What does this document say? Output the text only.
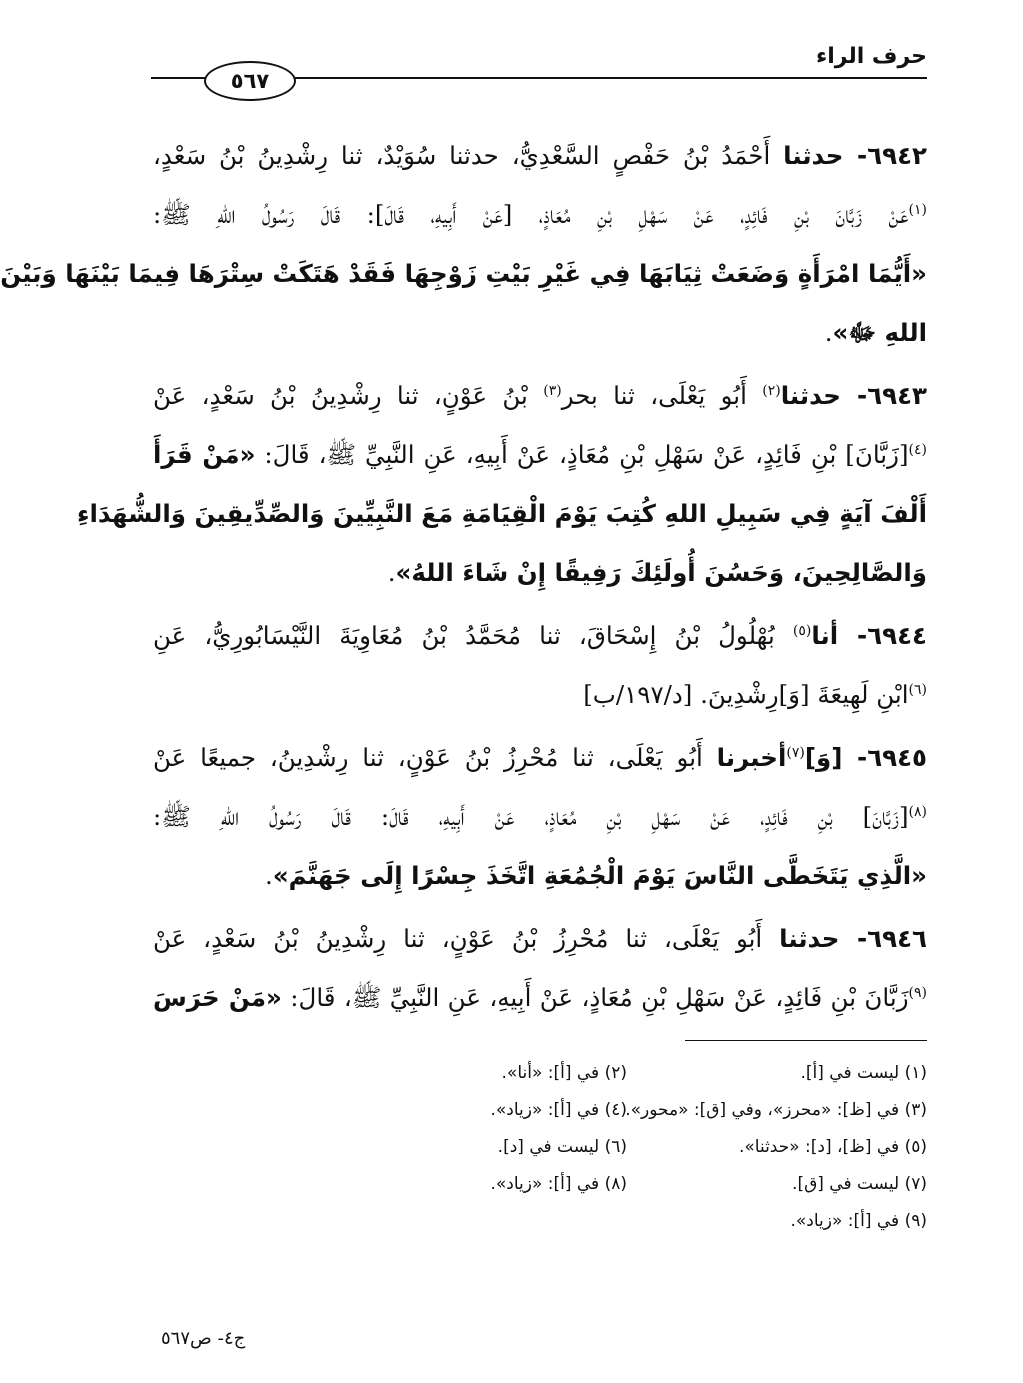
حرف الراء
٥٦٧
٦٩٤٢- حدثنا أَحْمَدُ بْنُ حَفْصٍ السَّعْدِيُّ، حدثنا سُوَيْدٌ، ثنا رِشْدِينُ بْنُ سَعْدٍ،
$^{(١)}$عَنْ زَبَّانَ بْنِ فَائِدٍ، عَنْ سَهْلِ بْنِ مُعَاذٍ، [عَنْ أَبِيهِ، قَالَ]: قَالَ رَسُولُ اللهِ ﷺ:
«أَيُّمَا امْرَأَةٍ وَضَعَتْ ثِيَابَهَا فِي غَيْرِ بَيْتِ زَوْجِهَا فَقَدْ هَتَكَتْ سِتْرَهَا فِيمَا بَيْنَهَا وَبَيْنَ
اللهِ ﷻ».
٦٩٤٣- حدثنا$^{(٢)}$ أَبُو يَعْلَى، ثنا بحر$^{(٣)}$ بْنُ عَوْنٍ، ثنا رِشْدِينُ بْنُ سَعْدٍ، عَنْ
$^{(٤)}$[زَبَّانَ] بْنِ فَائِدٍ، عَنْ سَهْلِ بْنِ مُعَاذٍ، عَنْ أَبِيهِ، عَنِ النَّبِيِّ ﷺ، قَالَ: «مَنْ قَرَأَ
أَلْفَ آيَةٍ فِي سَبِيلِ اللهِ كُتِبَ يَوْمَ الْقِيَامَةِ مَعَ النَّبِيِّينَ وَالصِّدِّيقِينَ وَالشُّهَدَاءِ
وَالصَّالِحِينَ، وَحَسُنَ أُولَئِكَ رَفِيقًا إِنْ شَاءَ اللهُ».
٦٩٤٤- أنا$^{(٥)}$ بُهْلُولُ بْنُ إِسْحَاقَ، ثنا مُحَمَّدُ بْنُ مُعَاوِيَةَ النَّيْسَابُورِيُّ، عَنِ
$^{(٦)}$ابْنِ لَهِيعَةَ [وَ]رِشْدِينَ. [د/١٩٧/ب]
٦٩٤٥- [وَ]$^{(٧)}$أخبرنا أَبُو يَعْلَى، ثنا مُحْرِزُ بْنُ عَوْنٍ، ثنا رِشْدِينُ، جميعًا عَنْ
$^{(٨)}$[زَبَّانَ] بْنِ فَائِدٍ، عَنْ سَهْلِ بْنِ مُعَاذٍ، عَنْ أَبِيهِ، قَالَ: قَالَ رَسُولُ اللهِ ﷺ:
«الَّذِي يَتَخَطَّى النَّاسَ يَوْمَ الْجُمُعَةِ اتَّخَذَ جِسْرًا إِلَى جَهَنَّمَ».
٦٩٤٦- حدثنا أَبُو يَعْلَى، ثنا مُحْرِزُ بْنُ عَوْنٍ، ثنا رِشْدِينُ بْنُ سَعْدٍ، عَنْ
$^{(٩)}$زَبَّانَ بْنِ فَائِدٍ، عَنْ سَهْلِ بْنِ مُعَاذٍ، عَنْ أَبِيهِ، عَنِ النَّبِيِّ ﷺ، قَالَ: «مَنْ حَرَسَ
(١) ليست في [أ].
(٢) في [أ]: «أنا».
(٣) في [ظ]: «محرز»، وفي [ق]: «محور».
(٤) في [أ]: «زياد».
(٥) في [ظ]، [د]: «حدثنا».
(٦) ليست في [د].
(٧) ليست في [ق].
(٨) في [أ]: «زياد».
(٩) في [أ]: «زياد».
ج٤- ص٥٦٧
